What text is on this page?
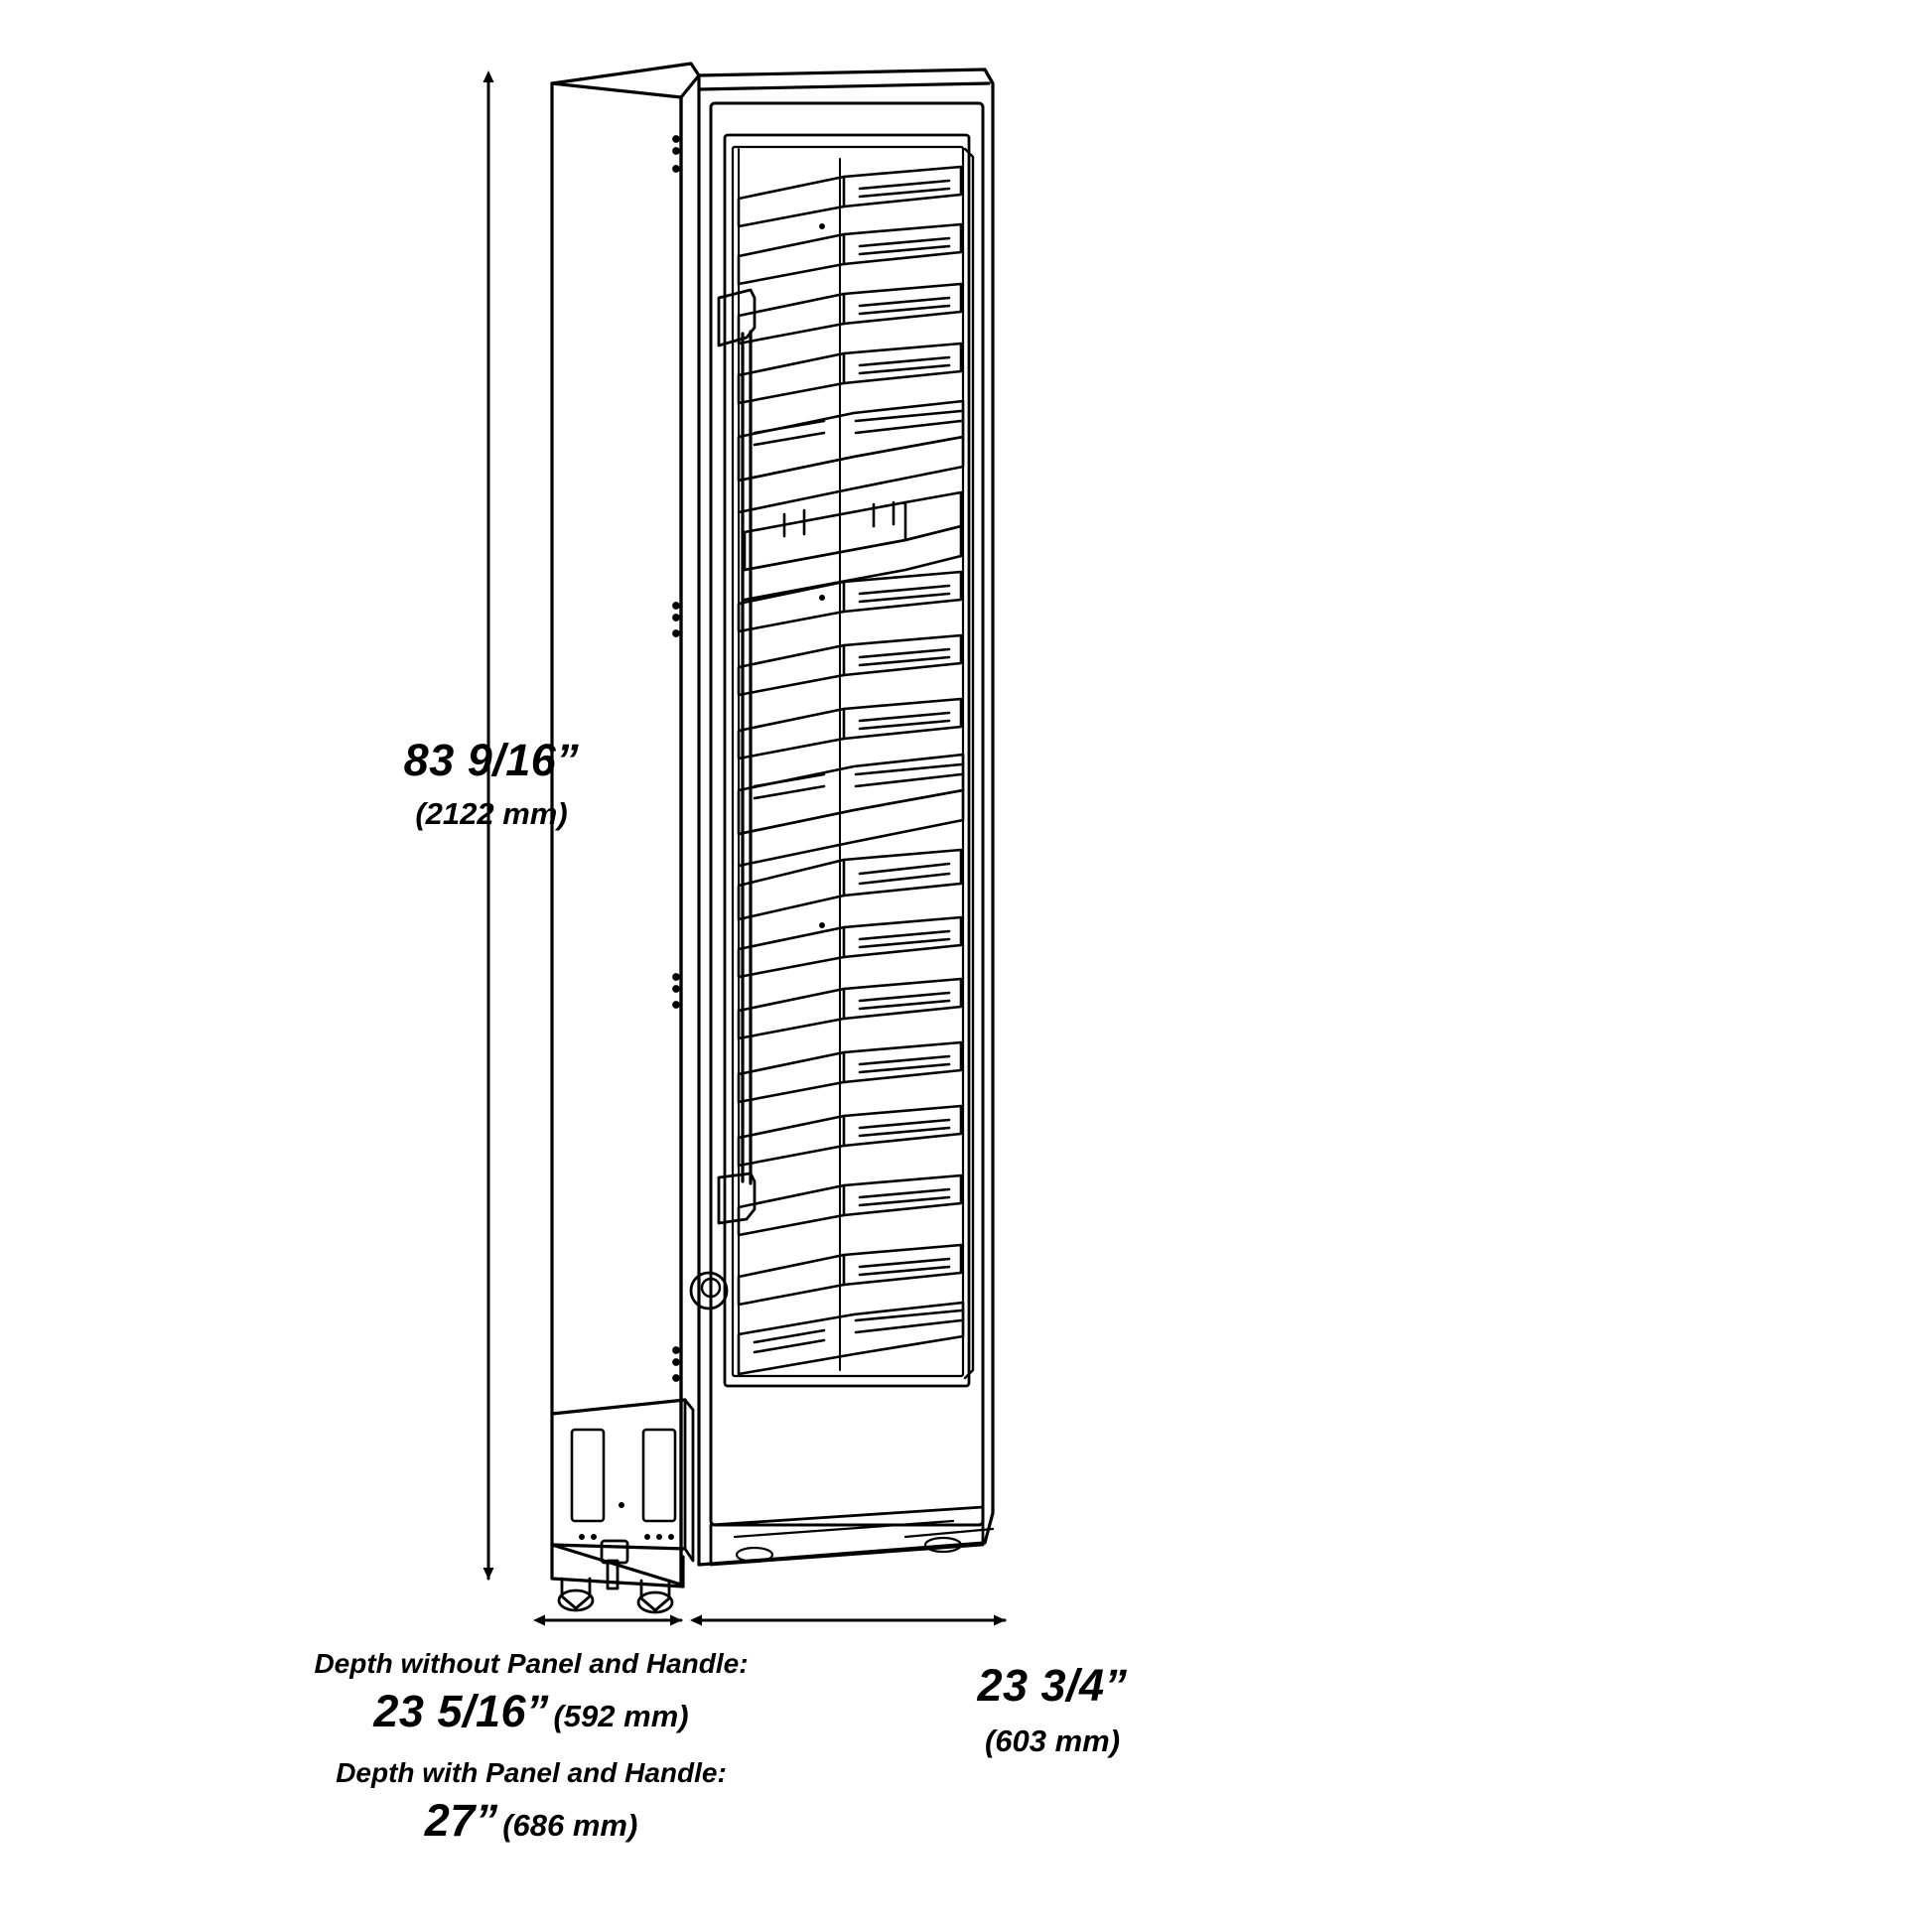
83 9/16”
(2122 mm)
23 3/4”
(603 mm)
Depth without Panel and Handle:
23 5/16” (592 mm)
Depth with Panel and Handle:
27” (686 mm)
